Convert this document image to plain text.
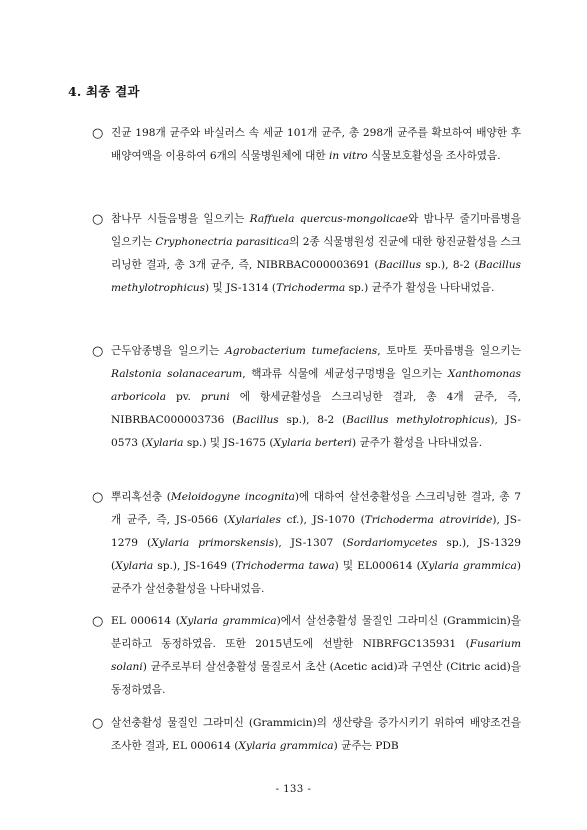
4. 최종 결과
○ 진균 198개 균주와 바실러스 속 세균 101개 균주, 총 298개 균주를 확보하여 배양한 후 배양여액을 이용하여 6개의 식물병원체에 대한 in vitro 식물보호활성을 조사하였음.
○ 참나무 시들음병을 일으키는 Raffuela quercus-mongolicae와 밤나무 줄기마름병을 일으키는 Cryphonectria parasitica의 2종 식물병원성 진균에 대한 항진균활성을 스크리닝한 결과, 총 3개 균주, 즉, NIBRBAC000003691 (Bacillus sp.), 8-2 (Bacillus methylotrophicus) 및 JS-1314 (Trichoderma sp.) 균주가 활성을 나타내었음.
○ 근두암종병을 일으키는 Agrobacterium tumefaciens, 토마토 풋마름병을 일으키는 Ralstonia solanacearum, 핵과류 식물에 세균성구멍병을 일으키는 Xanthomonas arboricola pv. pruni 에 항세균활성을 스크리닝한 결과, 총 4개 균주, 즉, NIBRBAC000003736 (Bacillus sp.), 8-2 (Bacillus methylotrophicus), JS-0573 (Xylaria sp.) 및 JS-1675 (Xylaria berteri) 균주가 활성을 나타내었음.
○ 뿌리혹선충 (Meloidogyne incognita)에 대하여 살선충활성을 스크리닝한 결과, 총 7개 균주, 즉, JS-0566 (Xylariales cf.), JS-1070 (Trichoderma atroviride), JS-1279 (Xylaria primorskensis), JS-1307 (Sordariomycetes sp.), JS-1329 (Xylaria sp.), JS-1649 (Trichoderma tawa) 및 EL000614 (Xylaria grammica) 균주가 살선충활성을 나타내었음.
○ EL 000614 (Xylaria grammica)에서 살선충활성 물질인 그라미신 (Grammicin)을 분리하고 동정하였음. 또한 2015년도에 선발한 NIBRFGC135931 (Fusarium solani) 균주로부터 살선충활성 물질로서 초산 (Acetic acid)과 구연산 (Citric acid)을 동정하였음.
○ 살선충활성 물질인 그라미신 (Grammicin)의 생산량을 증가시키기 위하여 배양조건을 조사한 결과, EL 000614 (Xylaria grammica) 균주는 PDB
- 133 -
